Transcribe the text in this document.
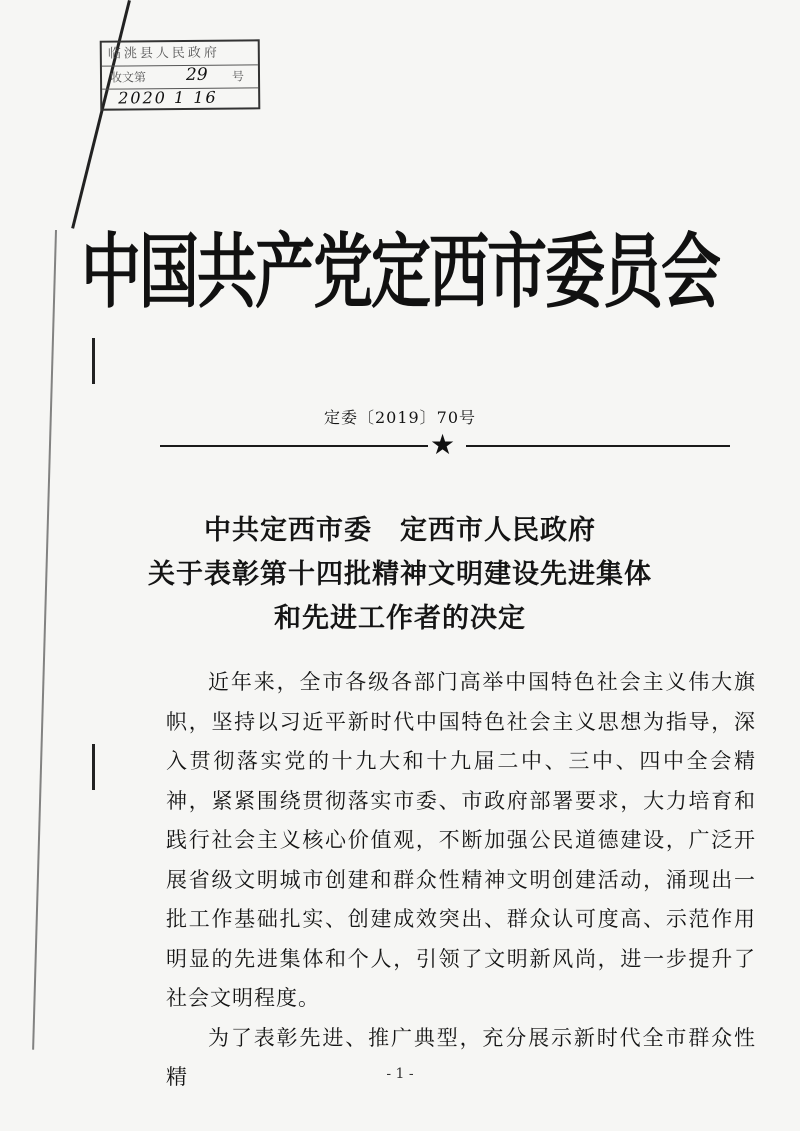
临洮县人民政府
收文第 29 号
2020 1 16
中国共产党定西市委员会
定委〔2019〕70号
★
中共定西市委　定西市人民政府
关于表彰第十四批精神文明建设先进集体
和先进工作者的决定

近年来，全市各级各部门高举中国特色社会主义伟大旗帜，坚持以习近平新时代中国特色社会主义思想为指导，深入贯彻落实党的十九大和十九届二中、三中、四中全会精神，紧紧围绕贯彻落实市委、市政府部署要求，大力培育和践行社会主义核心价值观，不断加强公民道德建设，广泛开展省级文明城市创建和群众性精神文明创建活动，涌现出一批工作基础扎实、创建成效突出、群众认可度高、示范作用明显的先进集体和个人，引领了文明新风尚，进一步提升了社会文明程度。

为了表彰先进、推广典型，充分展示新时代全市群众性精	- 1 -
